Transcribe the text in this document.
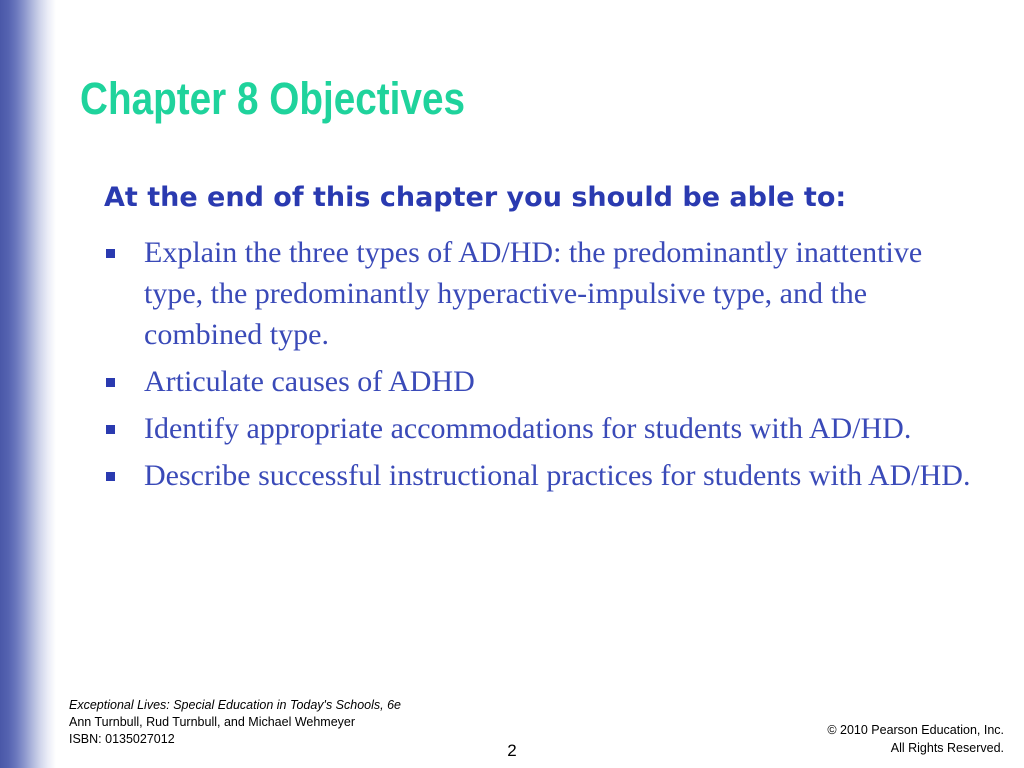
Chapter 8 Objectives

At the end of this chapter you should be able to:

Explain the three types of AD/HD: the predominantly inattentive type, the predominantly hyperactive-impulsive type, and the combined type.
Articulate causes of ADHD
Identify appropriate accommodations for students with AD/HD.
Describe successful instructional practices for students with AD/HD.
Exceptional Lives: Special Education in Today's Schools, 6e
Ann Turnbull, Rud Turnbull, and Michael Wehmeyer
ISBN: 0135027012
2
© 2010 Pearson Education, Inc.
All Rights Reserved.
